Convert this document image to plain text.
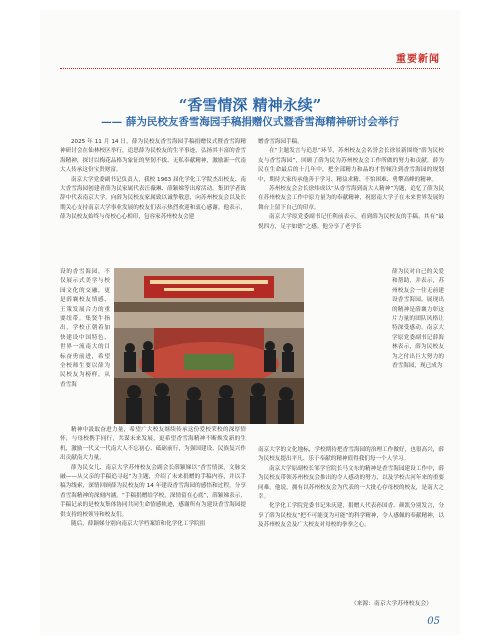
重要新闻
“香雪情深 精神永续”
—— 薛为民校友香雪海园手稿捐赠仪式暨香雪海精神研讨会举行

2025 年 11 月 14 日，薛为民校友香雪海园手稿捐赠仪式暨香雪海精神研讨会在仙林校区举行，追思薛为民校友的生平事迹，弘扬其丰富的香雪海精神，探讨以梅花品格为象征的坚韧不拔、无私奉献精神，激励新一代南大人传承这份宝贵财富。

南京大学党委副书记负责人，我校 1963 届化学化工学院杰出校友、南大香雪海园创建者薛为民家属代表汪薇琳、薛颖娣等出席活动。集团学者致辞中代表南京大学，向薛为民校友家属致以诚挚敬意，向苏州校友会以及长期关心支持南京大学事业发展的校友们表示热烈欢迎和衷心感谢。他表示，薛为民校友始终与母校心心相印，包容家苏州校友会建

设的香雪海园，不仅展示式美学与校园文化的交融，更是薛襄校友情感、王策发展合力的重要纽带。集贤牛指出，学校正朝着加快建设中国特色、世界一流南大的目标奋勇前进，希望全校师生要以薛为民校友为榜样，从香雪海

精神中汲取奋进力量，希望广大校友继续传承这份爱校荣校的深厚情怀，与母校携手同行，共谋未来发展，更希望香雪海精神不断焕发新的生机，激励一代又一代南大人不忘初心、砥砺前行，为强国建设、民族复兴作出贡献南大力量。

薛为民女儿、南京大学苏州校友会副会长薛颖娣以“香雪情深，文脉交融——从父亲的手稿追寻起”为主题，介绍了未来捐赠的手稿内容，并以手稿为线索，深情回顾薛为民校友的 14 年建设香雪海园的感悟和过程，分享香雪海精神的深刻内涵。“手稿捐赠给学校，深情留在心底”，薛颖娣表示，手稿记录的是校友集体协同共同生命情感轨迹，感谢所有为建设香雪海园提供支持的校领导和校友们。

随后，薛颖娣分别向南京大学档案馆和化学化工学院捐

赠香雪海园手稿。

在“主题发言与追思”环节，苏州校友会名誉会长徐景新围绕“薛为民校友与香雪海园”，回顾了薛为民为苏州校友会工作所做的努力和贡献。薛为民在生命最后的十几年中，把全部精力和晶的才智倾注到香雪海园的规划中，期待大家传承他善于学习、精益求精、不怕困难、勇攀高峰的精神。

苏州校友会会长徐炜成以“从香雪海到南大人精神”为题，追忆了薛为民在苏州校友会工作中原力量为的奉献精神，祝愿南大学子在未来世界发展的舞台上留下自己的印章。

南京大学原党委副书记任利前表示，看到薛为民校友的手稿，其有“最悦四方，足字如德”之感。他分享了老学长

薛为民对自己的关爱和帮助，并表示，苏州校友会一往无前建设香雪海园，展现出的精神是薛襄力彰这片力量的团队风格让特深受感动。南京大学原党委副书记薛海林表示，薛为民校友为之付出巨大努力的香雪海园，现已成为

南京大学的文化地标，学校期待把香雪海园的治理工作做好，也很高兴，薛为民校友提出平凡、乐于奉献的精神值得我们每一个人学习。

南京大学原副校长邹学官院长马文东的精神是香雪海园建设工作中，薛为民校友带领苏州校友会推出的令人感动的努力，以及学校古河年来的重要同难。他说，拥有以苏州校友会为代表的一大批心存母校的校友，是南大之幸。

化学化工学院党委书记朱庆建，捐赠人代表孙国香、颜凯分别发言，分享了薛为民校友“把不可能变为可能”的科学精神，令人感佩的奉献精神，以及苏州校友会及广大校友对母校的拳拳之心。

（来源：南京大学苏州校友会）
05
